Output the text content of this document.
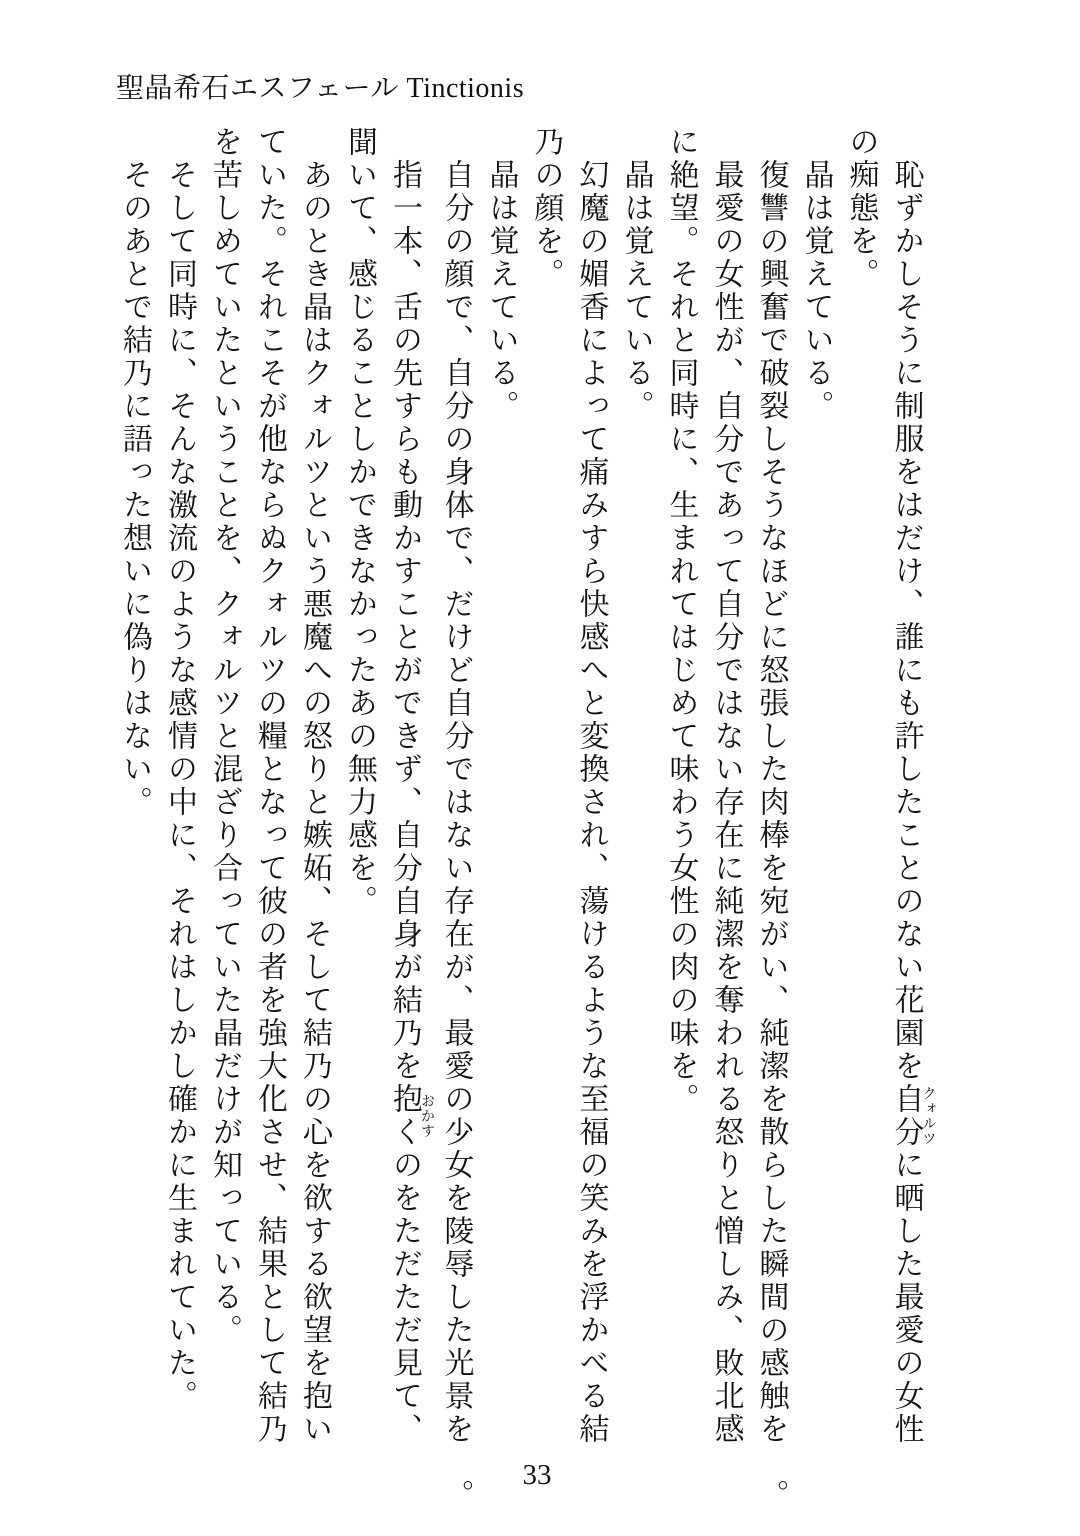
聖晶希石エスフェール Tinctionis

恥ずかしそうに制服をはだけ、誰にも許したことのない花園を自分クォルツに晒した最愛の女性の痴態を。

晶は覚えている。

復讐の興奮で破裂しそうなほどに怒張した肉棒を宛がい、純潔を散らした瞬間の感触を。

最愛の女性が、自分であって自分ではない存在に純潔を奪われる怒りと憎しみ、敗北感に絶望。それと同時に、生まれてはじめて味わう女性の肉の味を。

晶は覚えている。

幻魔の媚香によって痛みすら快感へと変換され、蕩けるような至福の笑みを浮かべる結乃の顔を。

晶は覚えている。

自分の顔で、自分の身体で、だけど自分ではない存在が、最愛の少女を陵辱した光景を。

指一本、舌の先すらも動かすことができず、自分自身が結乃を抱くおかすのをただただ見て、聞いて、感じることしかできなかったあの無力感を。

あのとき晶はクォルツという悪魔への怒りと嫉妬、そして結乃の心を欲する欲望を抱いていた。それこそが他ならぬクォルツの糧となって彼の者を強大化させ、結果として結乃を苦しめていたということを、クォルツと混ざり合っていた晶だけが知っている。

そして同時に、そんな激流のような感情の中に、それはしかし確かに生まれていた。

そのあとで結乃に語った想いに偽りはない。

33
